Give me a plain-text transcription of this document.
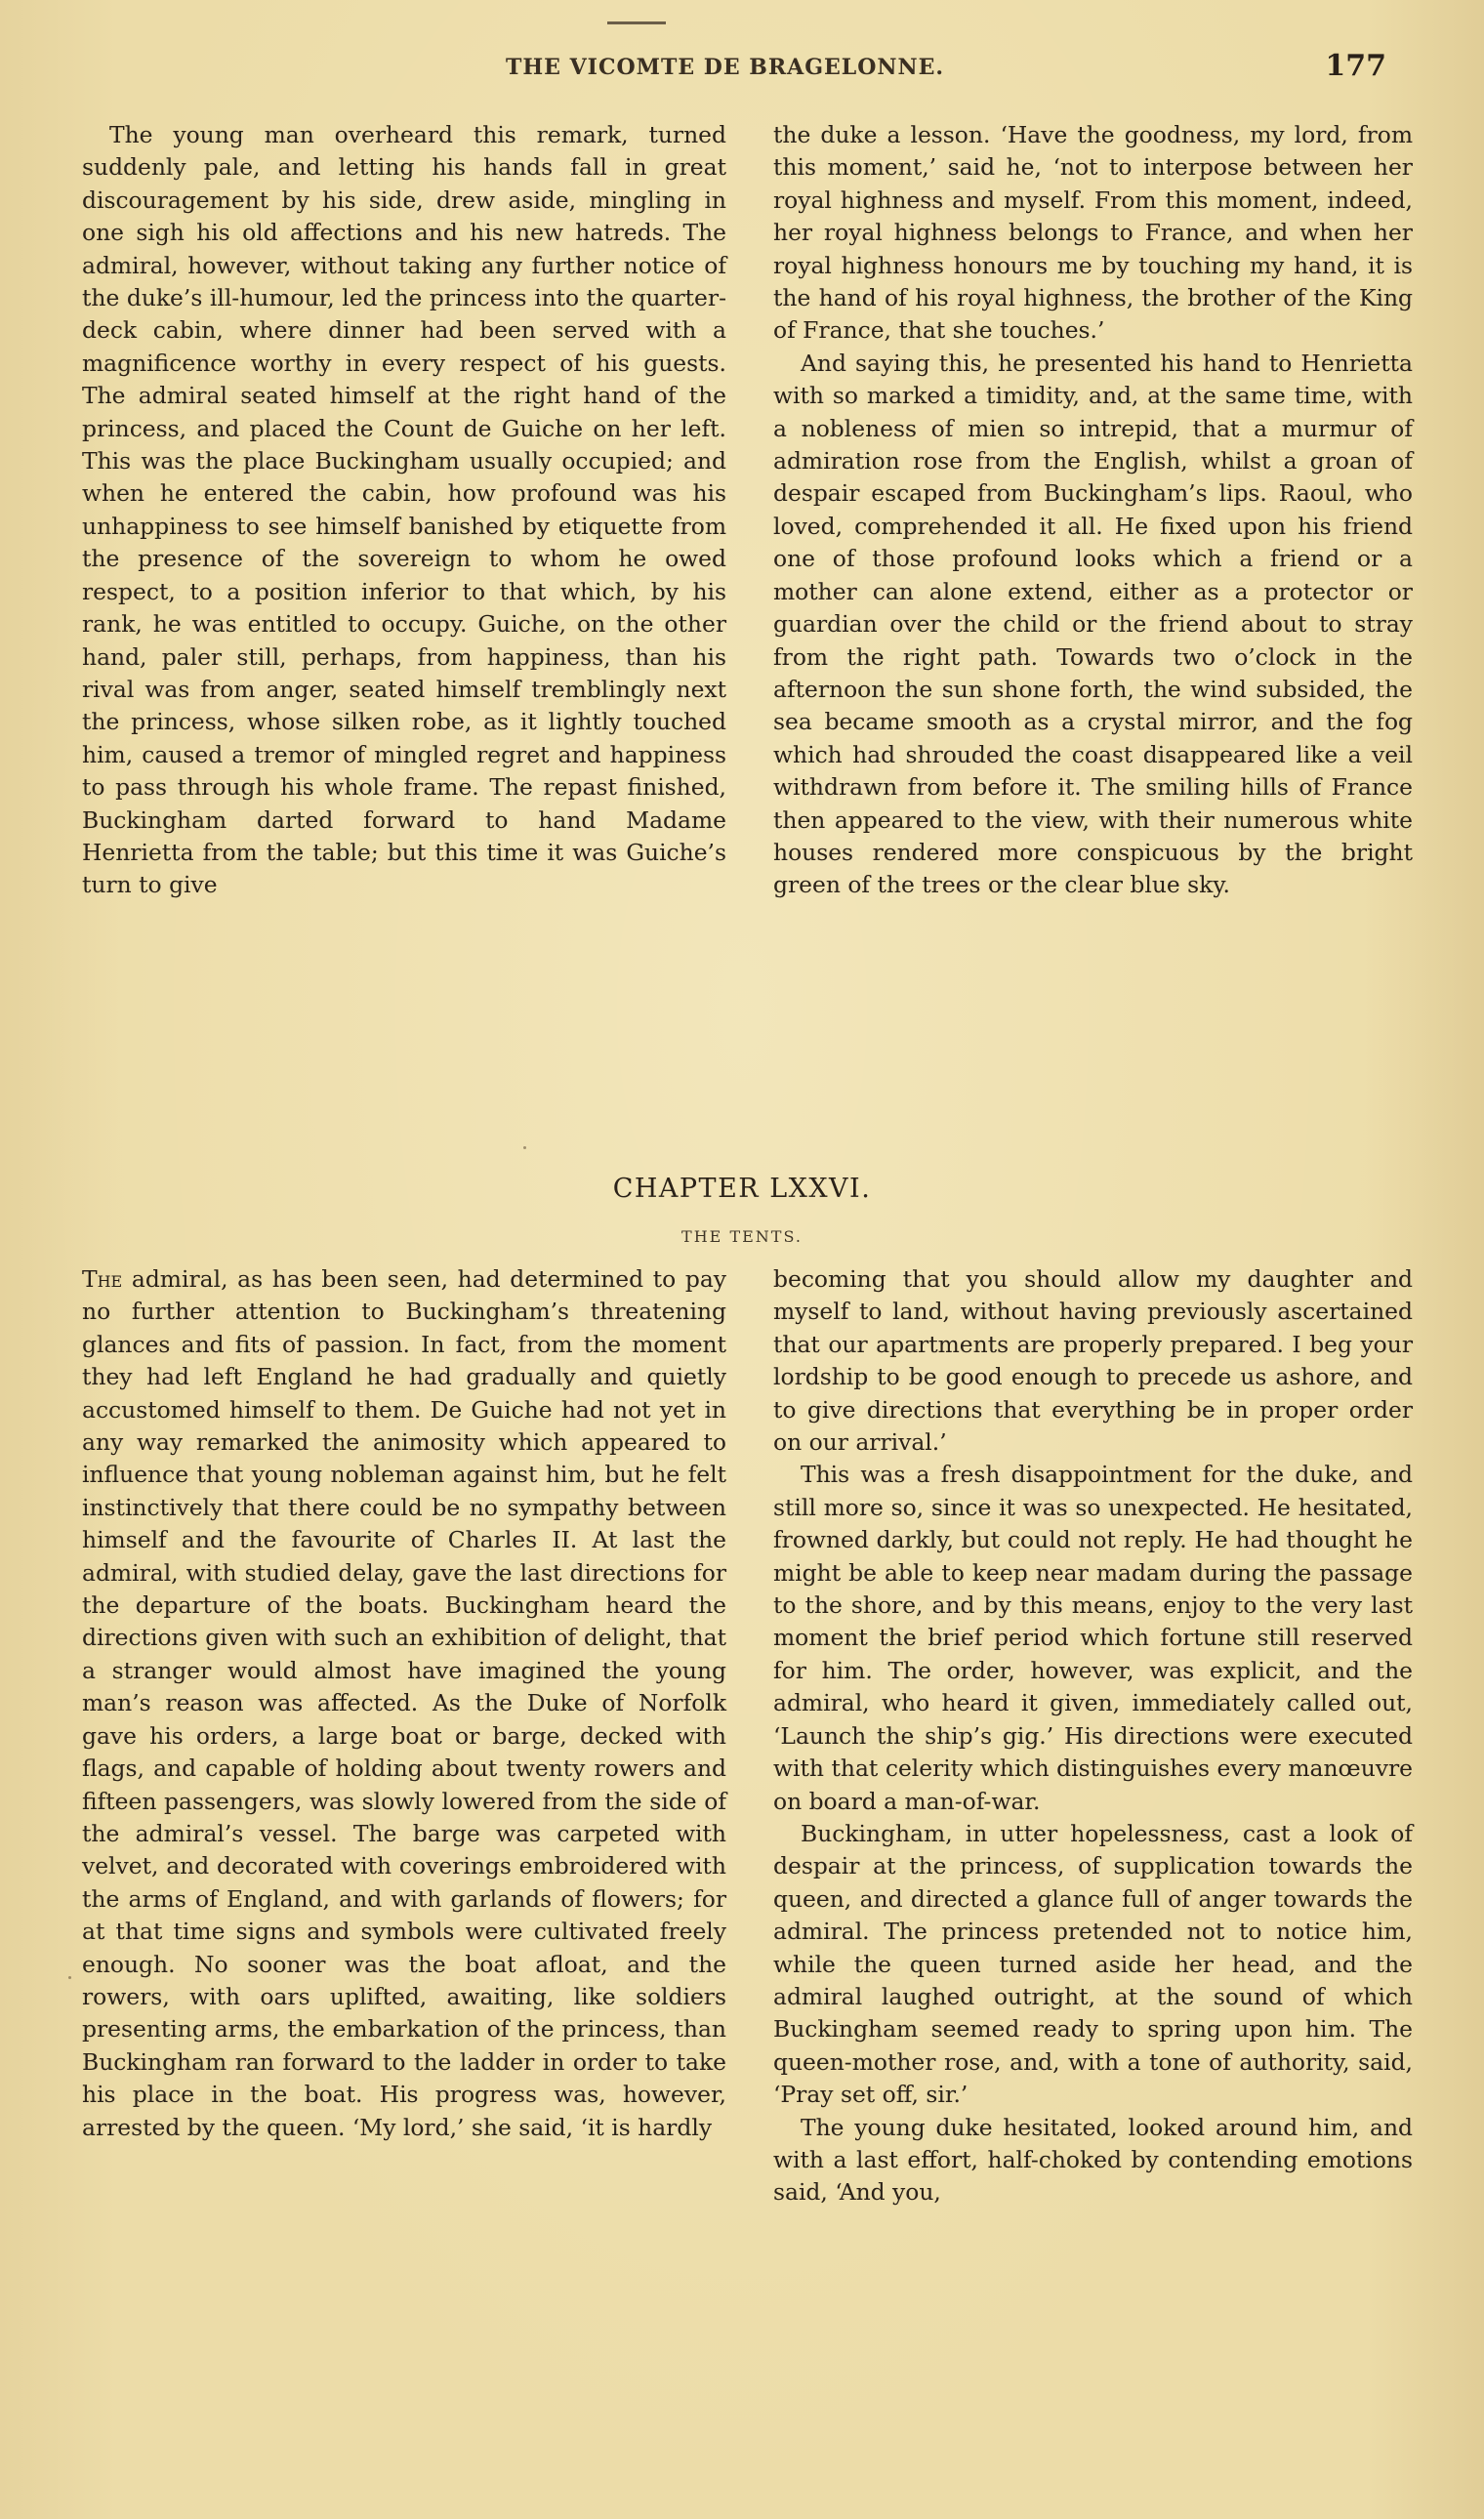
THE VICOMTE DE BRAGELONNE.	177

The young man overheard this remark, turned suddenly pale, and letting his hands fall in great discouragement by his side, drew aside, mingling in one sigh his old affections and his new hatreds. The admiral, however, without taking any further notice of the duke’s ill-humour, led the princess into the quarter-deck cabin, where dinner had been served with a magnificence worthy in every respect of his guests. The admiral seated himself at the right hand of the princess, and placed the Count de Guiche on her left. This was the place Buckingham usually occupied; and when he entered the cabin, how profound was his unhappiness to see himself banished by etiquette from the presence of the sovereign to whom he owed respect, to a position inferior to that which, by his rank, he was entitled to occupy. Guiche, on the other hand, paler still, perhaps, from happiness, than his rival was from anger, seated himself tremblingly next the princess, whose silken robe, as it lightly touched him, caused a tremor of mingled regret and happiness to pass through his whole frame. The repast finished, Buckingham darted forward to hand Madame Henrietta from the table; but this time it was Guiche’s turn to give

the duke a lesson. ‘Have the goodness, my lord, from this moment,’ said he, ‘not to interpose between her royal highness and myself. From this moment, indeed, her royal highness belongs to France, and when her royal highness honours me by touching my hand, it is the hand of his royal highness, the brother of the King of France, that she touches.’

And saying this, he presented his hand to Henrietta with so marked a timidity, and, at the same time, with a nobleness of mien so intrepid, that a murmur of admiration rose from the English, whilst a groan of despair escaped from Buckingham’s lips. Raoul, who loved, comprehended it all. He fixed upon his friend one of those profound looks which a friend or a mother can alone extend, either as a protector or guardian over the child or the friend about to stray from the right path. Towards two o’clock in the afternoon the sun shone forth, the wind subsided, the sea became smooth as a crystal mirror, and the fog which had shrouded the coast disappeared like a veil withdrawn from before it. The smiling hills of France then appeared to the view, with their numerous white houses rendered more conspicuous by the bright green of the trees or the clear blue sky.

CHAPTER LXXVI.
THE TENTS.

The admiral, as has been seen, had determined to pay no further attention to Buckingham’s threatening glances and fits of passion. In fact, from the moment they had left England he had gradually and quietly accustomed himself to them. De Guiche had not yet in any way remarked the animosity which appeared to influence that young nobleman against him, but he felt instinctively that there could be no sympathy between himself and the favourite of Charles II. At last the admiral, with studied delay, gave the last directions for the departure of the boats. Buckingham heard the directions given with such an exhibition of delight, that a stranger would almost have imagined the young man’s reason was affected. As the Duke of Norfolk gave his orders, a large boat or barge, decked with flags, and capable of holding about twenty rowers and fifteen passengers, was slowly lowered from the side of the admiral’s vessel. The barge was carpeted with velvet, and decorated with coverings embroidered with the arms of England, and with garlands of flowers; for at that time signs and symbols were cultivated freely enough. No sooner was the boat afloat, and the rowers, with oars uplifted, awaiting, like soldiers presenting arms, the embarkation of the princess, than Buckingham ran forward to the ladder in order to take his place in the boat. His progress was, however, arrested by the queen. ‘My lord,’ she said, ‘it is hardly

becoming that you should allow my daughter and myself to land, without having previously ascertained that our apartments are properly prepared. I beg your lordship to be good enough to precede us ashore, and to give directions that everything be in proper order on our arrival.’

This was a fresh disappointment for the duke, and still more so, since it was so unexpected. He hesitated, frowned darkly, but could not reply. He had thought he might be able to keep near madam during the passage to the shore, and by this means, enjoy to the very last moment the brief period which fortune still reserved for him. The order, however, was explicit, and the admiral, who heard it given, immediately called out, ‘Launch the ship’s gig.’ His directions were executed with that celerity which distinguishes every manœuvre on board a man-of-war.

Buckingham, in utter hopelessness, cast a look of despair at the princess, of supplication towards the queen, and directed a glance full of anger towards the admiral. The princess pretended not to notice him, while the queen turned aside her head, and the admiral laughed outright, at the sound of which Buckingham seemed ready to spring upon him. The queen-mother rose, and, with a tone of authority, said, ‘Pray set off, sir.’

The young duke hesitated, looked around him, and with a last effort, half-choked by contending emotions said, ‘And you,
